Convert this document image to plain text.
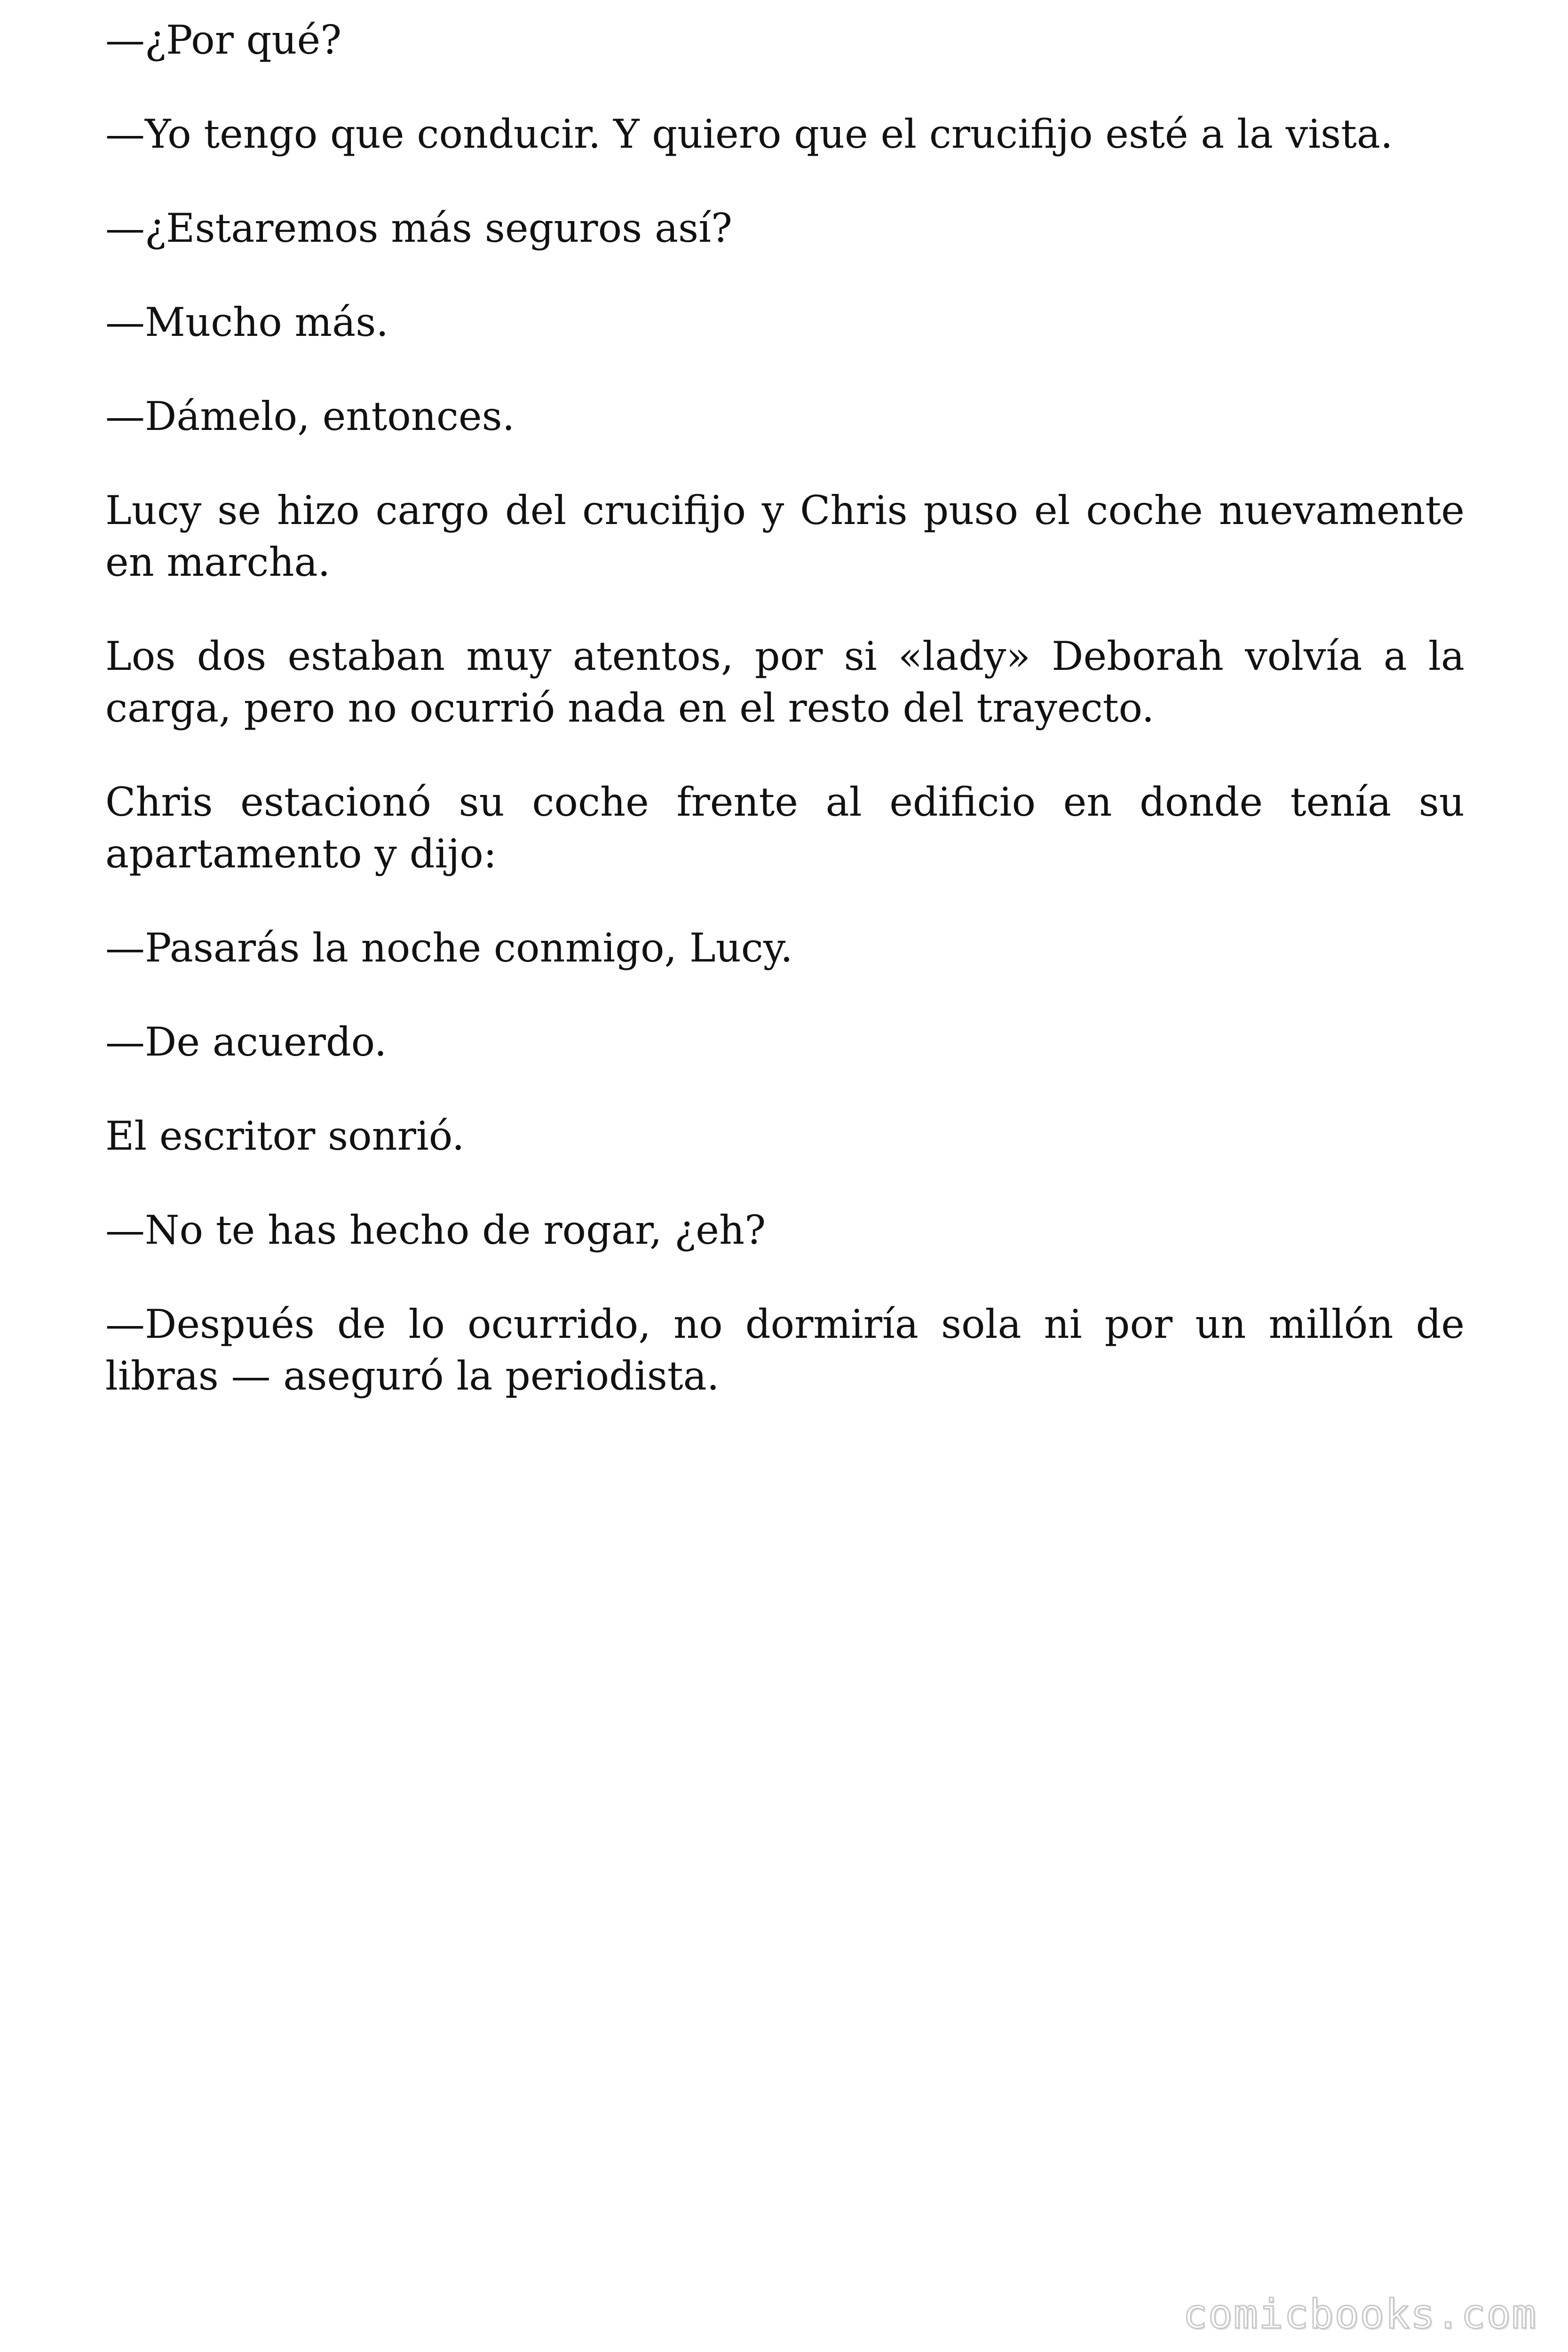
—¿Por qué?

—Yo tengo que conducir. Y quiero que el crucifijo esté a la vista.

—¿Estaremos más seguros así?

—Mucho más.

—Dámelo, entonces.

Lucy se hizo cargo del crucifijo y Chris puso el coche nuevamente en marcha.

Los dos estaban muy atentos, por si «lady» Deborah volvía a la carga, pero no ocurrió nada en el resto del trayecto.

Chris estacionó su coche frente al edificio en donde tenía su apartamento y dijo:

—Pasarás la noche conmigo, Lucy.

—De acuerdo.

El escritor sonrió.

—No te has hecho de rogar, ¿eh?

—Después de lo ocurrido, no dormiría sola ni por un millón de libras — aseguró la periodista.

comicbooks.com
